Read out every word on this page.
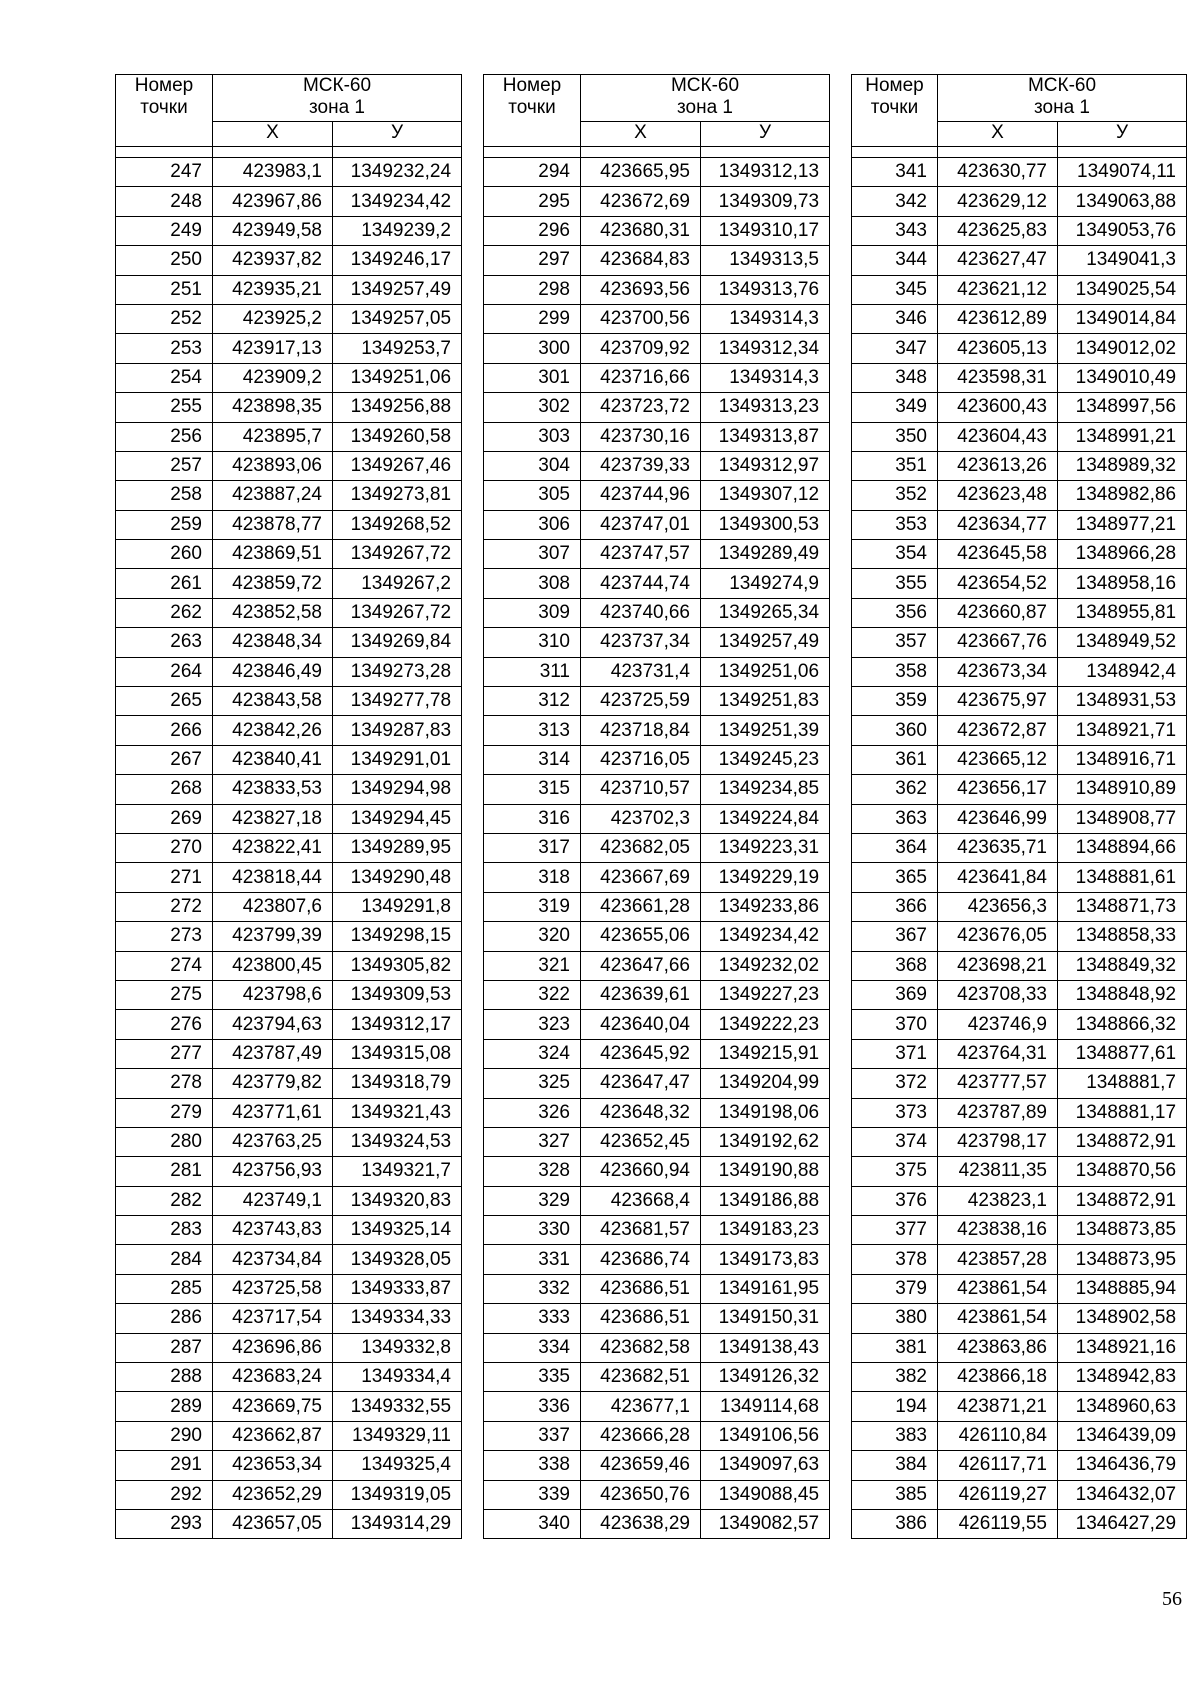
Номер
точки	МСК-60
зона 1	
	X	У

247	423983,1	1349232,24
248	423967,86	1349234,42
249	423949,58	1349239,2
250	423937,82	1349246,17
251	423935,21	1349257,49
252	423925,2	1349257,05
253	423917,13	1349253,7
254	423909,2	1349251,06
255	423898,35	1349256,88
256	423895,7	1349260,58
257	423893,06	1349267,46
258	423887,24	1349273,81
259	423878,77	1349268,52
260	423869,51	1349267,72
261	423859,72	1349267,2
262	423852,58	1349267,72
263	423848,34	1349269,84
264	423846,49	1349273,28
265	423843,58	1349277,78
266	423842,26	1349287,83
267	423840,41	1349291,01
268	423833,53	1349294,98
269	423827,18	1349294,45
270	423822,41	1349289,95
271	423818,44	1349290,48
272	423807,6	1349291,8
273	423799,39	1349298,15
274	423800,45	1349305,82
275	423798,6	1349309,53
276	423794,63	1349312,17
277	423787,49	1349315,08
278	423779,82	1349318,79
279	423771,61	1349321,43
280	423763,25	1349324,53
281	423756,93	1349321,7
282	423749,1	1349320,83
283	423743,83	1349325,14
284	423734,84	1349328,05
285	423725,58	1349333,87
286	423717,54	1349334,33
287	423696,86	1349332,8
288	423683,24	1349334,4
289	423669,75	1349332,55
290	423662,87	1349329,11
291	423653,34	1349325,4
292	423652,29	1349319,05
293	423657,05	1349314,29
Номер
точки	МСК-60
зона 1	
	X	У

294	423665,95	1349312,13
295	423672,69	1349309,73
296	423680,31	1349310,17
297	423684,83	1349313,5
298	423693,56	1349313,76
299	423700,56	1349314,3
300	423709,92	1349312,34
301	423716,66	1349314,3
302	423723,72	1349313,23
303	423730,16	1349313,87
304	423739,33	1349312,97
305	423744,96	1349307,12
306	423747,01	1349300,53
307	423747,57	1349289,49
308	423744,74	1349274,9
309	423740,66	1349265,34
310	423737,34	1349257,49
311	423731,4	1349251,06
312	423725,59	1349251,83
313	423718,84	1349251,39
314	423716,05	1349245,23
315	423710,57	1349234,85
316	423702,3	1349224,84
317	423682,05	1349223,31
318	423667,69	1349229,19
319	423661,28	1349233,86
320	423655,06	1349234,42
321	423647,66	1349232,02
322	423639,61	1349227,23
323	423640,04	1349222,23
324	423645,92	1349215,91
325	423647,47	1349204,99
326	423648,32	1349198,06
327	423652,45	1349192,62
328	423660,94	1349190,88
329	423668,4	1349186,88
330	423681,57	1349183,23
331	423686,74	1349173,83
332	423686,51	1349161,95
333	423686,51	1349150,31
334	423682,58	1349138,43
335	423682,51	1349126,32
336	423677,1	1349114,68
337	423666,28	1349106,56
338	423659,46	1349097,63
339	423650,76	1349088,45
340	423638,29	1349082,57
Номер
точки	МСК-60
зона 1	
	X	У

341	423630,77	1349074,11
342	423629,12	1349063,88
343	423625,83	1349053,76
344	423627,47	1349041,3
345	423621,12	1349025,54
346	423612,89	1349014,84
347	423605,13	1349012,02
348	423598,31	1349010,49
349	423600,43	1348997,56
350	423604,43	1348991,21
351	423613,26	1348989,32
352	423623,48	1348982,86
353	423634,77	1348977,21
354	423645,58	1348966,28
355	423654,52	1348958,16
356	423660,87	1348955,81
357	423667,76	1348949,52
358	423673,34	1348942,4
359	423675,97	1348931,53
360	423672,87	1348921,71
361	423665,12	1348916,71
362	423656,17	1348910,89
363	423646,99	1348908,77
364	423635,71	1348894,66
365	423641,84	1348881,61
366	423656,3	1348871,73
367	423676,05	1348858,33
368	423698,21	1348849,32
369	423708,33	1348848,92
370	423746,9	1348866,32
371	423764,31	1348877,61
372	423777,57	1348881,7
373	423787,89	1348881,17
374	423798,17	1348872,91
375	423811,35	1348870,56
376	423823,1	1348872,91
377	423838,16	1348873,85
378	423857,28	1348873,95
379	423861,54	1348885,94
380	423861,54	1348902,58
381	423863,86	1348921,16
382	423866,18	1348942,83
194	423871,21	1348960,63
383	426110,84	1346439,09
384	426117,71	1346436,79
385	426119,27	1346432,07
386	426119,55	1346427,29
56
